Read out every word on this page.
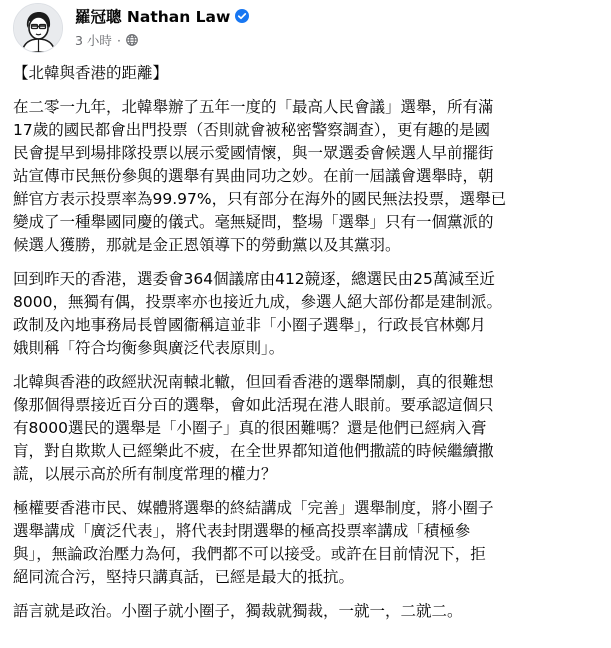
羅冠聰 Nathan Law
3 小時 ·

【北韓與香港的距離】

在二零一九年，北韓舉辦了五年一度的「最高人民會議」選舉，所有滿
17歲的國民都會出門投票（否則就會被秘密警察調查），更有趣的是國
民會提早到場排隊投票以展示愛國情懷，與一眾選委會候選人早前擺街
站宣傳市民無份參與的選舉有異曲同功之妙。在前一屆議會選舉時，朝
鮮官方表示投票率為99.97%，只有部分在海外的國民無法投票，選舉已
變成了一種舉國同慶的儀式。毫無疑問，整場「選舉」只有一個黨派的
候選人獲勝，那就是金正恩領導下的勞動黨以及其黨羽。

回到昨天的香港，選委會364個議席由412競逐，總選民由25萬減至近
8000，無獨有偶，投票率亦也接近九成，參選人絕大部份都是建制派。
政制及內地事務局長曾國衞稱這並非「小圈子選舉」，行政長官林鄭月
娥則稱「符合均衡參與廣泛代表原則」。

北韓與香港的政經狀況南轅北轍，但回看香港的選舉鬧劇，真的很難想
像那個得票接近百分百的選舉，會如此活現在港人眼前。要承認這個只
有8000選民的選舉是「小圈子」真的很困難嗎？還是他們已經病入膏
肓，對自欺欺人已經樂此不疲，在全世界都知道他們撒謊的時候繼續撒
謊，以展示高於所有制度常理的權力？

極權要香港市民、媒體將選舉的終結講成「完善」選舉制度，將小圈子
選舉講成「廣泛代表」，將代表封閉選舉的極高投票率講成「積極參
與」，無論政治壓力為何，我們都不可以接受。或許在目前情況下，拒
絕同流合污，堅持只講真話，已經是最大的抵抗。

語言就是政治。小圈子就小圈子，獨裁就獨裁，一就一，二就二。
